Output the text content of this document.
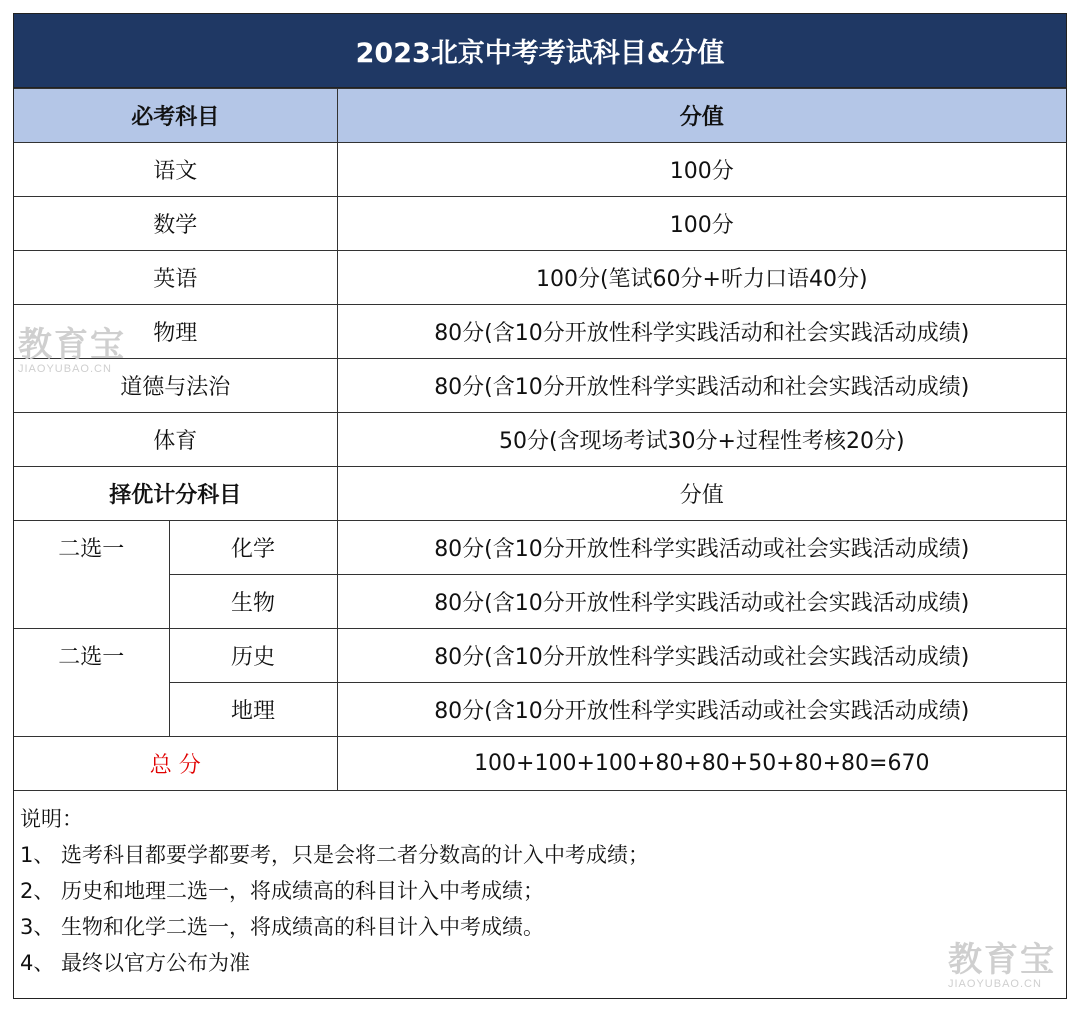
2023北京中考考试科目&分值
必考科目		分值
语文		100分
数学		100分
英语		100分(笔试60分+听力口语40分)
物理		80分(含10分开放性科学实践活动和社会实践活动成绩)
道德与法治		80分(含10分开放性科学实践活动和社会实践活动成绩)
体育		50分(含现场考试30分+过程性考核20分)
择优计分科目		分值
二选一	化学	80分(含10分开放性科学实践活动或社会实践活动成绩)
	生物	80分(含10分开放性科学实践活动或社会实践活动成绩)
二选一	历史	80分(含10分开放性科学实践活动或社会实践活动成绩)
	地理	80分(含10分开放性科学实践活动或社会实践活动成绩)
总 分		100+100+100+80+80+50+80+80=670
说明：
1、 选考科目都要学都要考，只是会将二者分数高的计入中考成绩；
2、 历史和地理二选一，将成绩高的科目计入中考成绩；
3、 生物和化学二选一，将成绩高的科目计入中考成绩。
4、 最终以官方公布为准
教育宝
JIAOYUBAO.CN
教育宝
JIAOYUBAO.CN
